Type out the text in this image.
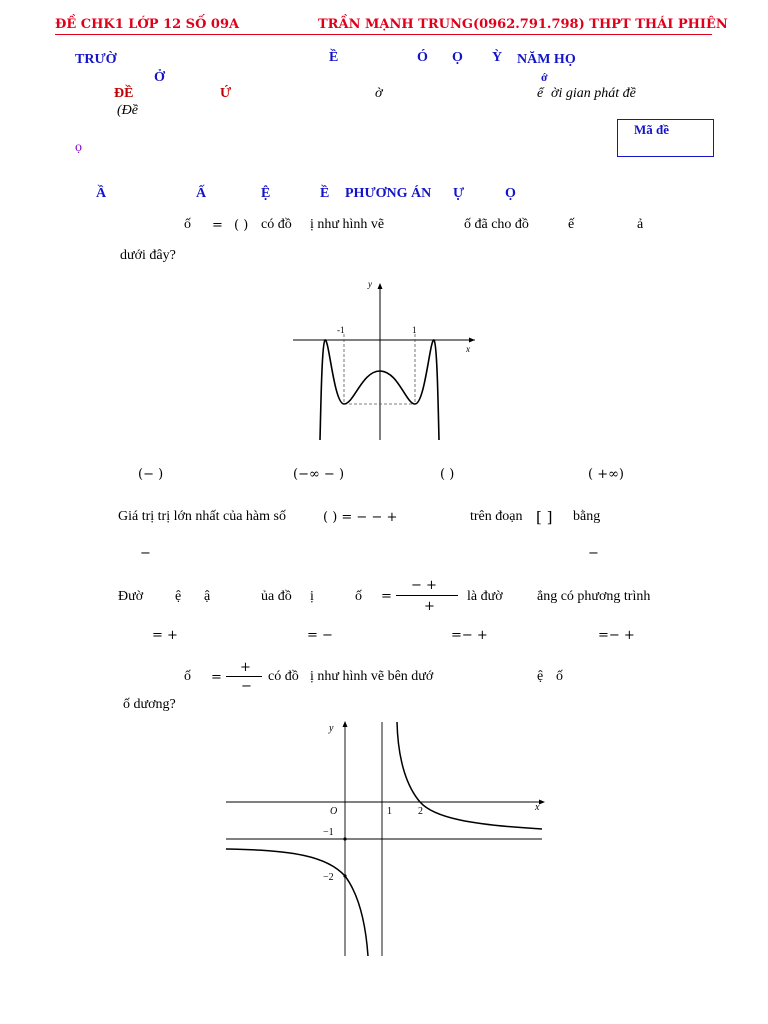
ĐỀ CHK1 LỚP 12 SỐ 09A	TRẦN MẠNH TRUNG(0962.791.798) THPT THÁI PHIÊN
TRƯỜ	Ề	Ó Ọ Ỳ NĂM HỌ
Ở	ớ
ĐỀ	Ứ	ờ	ể ời gian phát đề
(Đề
ọ
Mã đề
Ầ	Ấ	Ệ	Ề PHƯƠNG ÁN Ự	Ọ
ố = ( ) có đồ ị như hình vẽ	ố đã cho đồ	ế	ả
dưới đây?
y
x
-1	1
(− )	(−∞ − )	( )	( +∞)
Giá trị trị lớn nhất của hàm số	( ) = − − +	trên đoạn [ ] bằng
−	−
Đườ ệ ậ	ủa đồ ị	ố =
− +
+
là đườ ẳng có phương trình
= +	= −	=− +	=− +
ố =
+
−
có đồ ị như hình vẽ bên dướ	ệ ố
ố dương?
y
x
O	1	2
−1
−2
